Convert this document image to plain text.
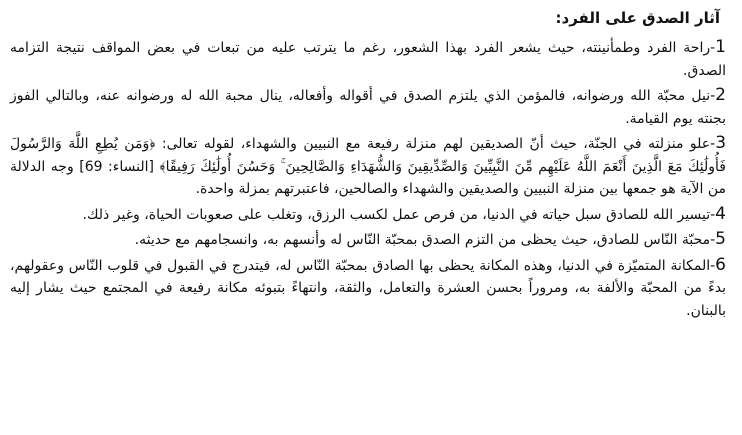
آثار الصدق على الفرد:

1-راحة الفرد وطمأنينته، حيث يشعر الفرد بهذا الشعور، رغم ما يترتب عليه من تبعات في بعض المواقف نتيجة التزامه الصدق.

2-نيل محبّة الله ورضوانه، فالمؤمن الذي يلتزم الصدق في أقواله وأفعاله، ينال محبة الله له ورضوانه عنه، وبالتالي الفوز بجنته يوم القيامة.

3-علو منزلته في الجنّة، حيث أنّ الصديقين لهم منزلة رفيعة مع النبيين والشهداء، لقوله تعالى: ﴿وَمَن يُطِعِ اللَّهَ وَالرَّسُولَ فَأُولَٰئِكَ مَعَ الَّذِينَ أَنْعَمَ اللَّهُ عَلَيْهِم مِّنَ النَّبِيِّينَ وَالصِّدِّيقِينَ وَالشُّهَدَاءِ وَالصَّالِحِينَ ۚ وَحَسُنَ أُولَٰئِكَ رَفِيقًا﴾ [النساء: 69] وجه الدلالة من الآية هو جمعها بين منزلة النبيين والصديقين والشهداء والصالحين، فاعتبرتهم بمزلة واحدة.

4-تيسير الله للصادق سبل حياته في الدنيا، من فرص عمل لكسب الرزق، وتغلب على صعوبات الحياة، وغير ذلك.

5-محبّة النّاس للصادق، حيث يحظى من التزم الصدق بمحبّة النّاس له وأنسهم به، وانسجامهم مع حديثه.

6-المكانة المتميّزة في الدنيا، وهذه المكانة يحظى بها الصادق بمحبّة النّاس له، فيتدرج في القبول في قلوب النّاس وعقولهم، بدءً من المحبّة والألفة به، ومروراً بحسن العشرة والتعامل، والثقة، وانتهاءً بتبوئه مكانة رفيعة في المجتمع حيث يشار إليه بالبنان.
